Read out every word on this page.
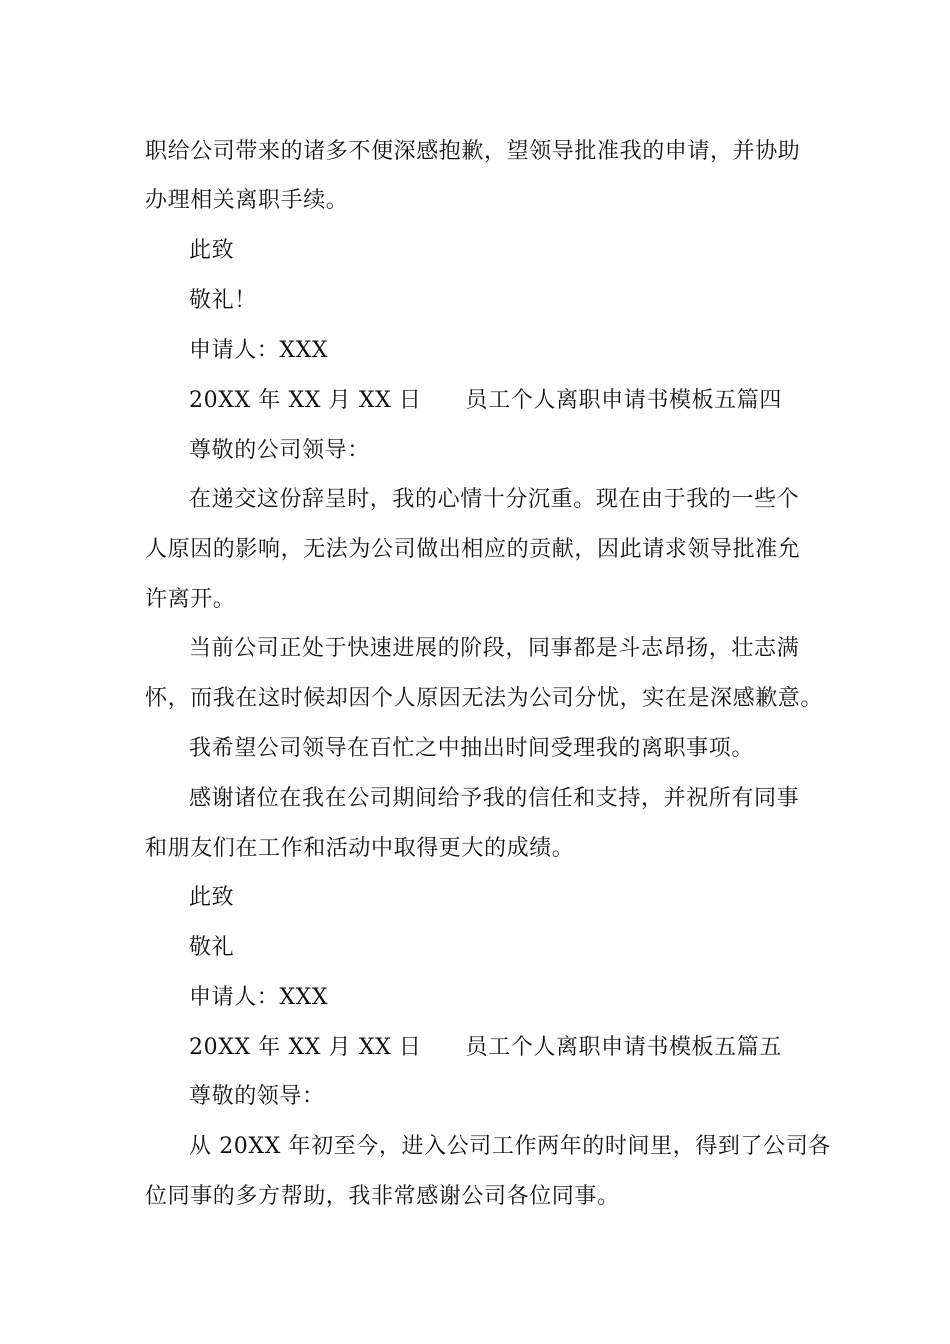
职给公司带来的诸多不便深感抱歉，望领导批准我的申请，并协助
办理相关离职手续。
此致
敬礼！
申请人：XXX
20XX 年 XX 月 XX 日 员工个人离职申请书模板五篇四
尊敬的公司领导：
在递交这份辞呈时，我的心情十分沉重。现在由于我的一些个
人原因的影响，无法为公司做出相应的贡献，因此请求领导批准允
许离开。
当前公司正处于快速进展的阶段，同事都是斗志昂扬，壮志满
怀，而我在这时候却因个人原因无法为公司分忧，实在是深感歉意。
我希望公司领导在百忙之中抽出时间受理我的离职事项。
感谢诸位在我在公司期间给予我的信任和支持，并祝所有同事
和朋友们在工作和活动中取得更大的成绩。
此致
敬礼
申请人：XXX
20XX 年 XX 月 XX 日 员工个人离职申请书模板五篇五
尊敬的领导：
从 20XX 年初至今，进入公司工作两年的时间里，得到了公司各
位同事的多方帮助，我非常感谢公司各位同事。
